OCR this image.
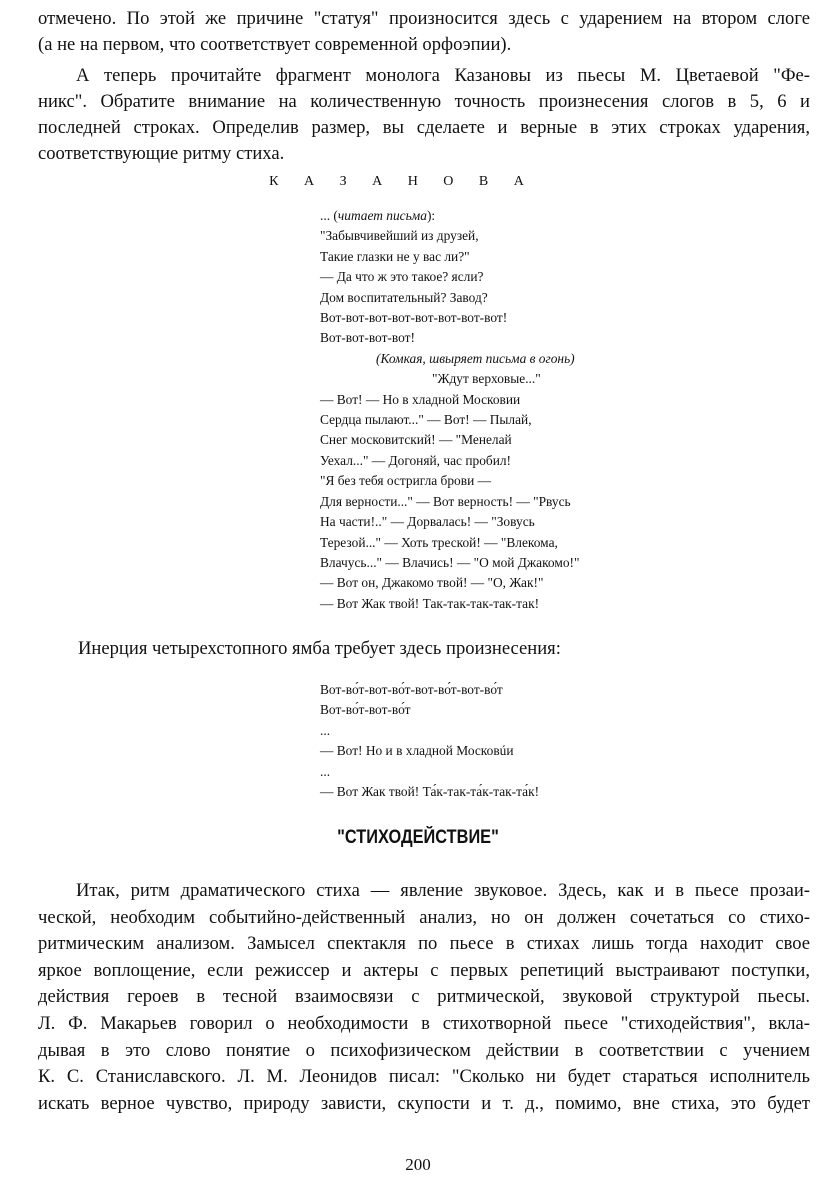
отмечено. По этой же причине "статуя" произносится здесь с ударением на втором слоге
(а не на первом, что соответствует современной орфоэпии).
А теперь прочитайте фрагмент монолога Казановы из пьесы М. Цветаевой "Фе-
никс". Обратите внимание на количественную точность произнесения слогов в 5, 6 и
последней строках. Определив размер, вы сделаете и верные в этих строках ударения,
соответствующие ритму стиха.
К А З А Н О В А
... (читает письма):
"Забывчивейший из друзей,
Такие глазки не у вас ли?"
— Да что ж это такое? ясли?
Дом воспитательный? Завод?
Вот-вот-вот-вот-вот-вот-вот-вот!
Вот-вот-вот-вот!
(Комкая, швыряет письма в огонь)
"Ждут верховые..."
— Вот! — Но в хладной Московии
Сердца пылают..." — Вот! — Пылай,
Снег московитский! — "Менелай
Уехал..." — Догоняй, час пробил!
"Я без тебя остригла брови —
Для верности..." — Вот верность! — "Рвусь
На части!.." — Дорвалась! — "Зовусь
Терезой..." — Хоть треской! — "Влекома,
Влачусь..." — Влачись! — "О мой Джакомо!"
— Вот он, Джакомо твой! — "О, Жак!"
— Вот Жак твой! Так-так-так-так-так!
Инерция четырехстопного ямба требует здесь произнесения:
Вот-во́т-вот-во́т-вот-во́т-вот-во́т
Вот-во́т-вот-во́т
...
— Вот! Но и в хладной Московúи
...
— Вот Жак твой! Та́к-так-та́к-так-та́к!
"СТИХОДЕЙСТВИЕ"
Итак, ритм драматического стиха — явление звуковое. Здесь, как и в пьесе прозаи-
ческой, необходим событийно-действенный анализ, но он должен сочетаться со стихо-
ритмическим анализом. Замысел спектакля по пьесе в стихах лишь тогда находит свое
яркое воплощение, если режиссер и актеры с первых репетиций выстраивают поступки,
действия героев в тесной взаимосвязи с ритмической, звуковой структурой пьесы.
Л. Ф. Макарьев говорил о необходимости в стихотворной пьесе "стиходействия", вкла-
дывая в это слово понятие о психофизическом действии в соответствии с учением
К. С. Станиславского. Л. М. Леонидов писал: "Сколько ни будет стараться исполнитель
искать верное чувство, природу зависти, скупости и т. д., помимо, вне стиха, это будет
200
